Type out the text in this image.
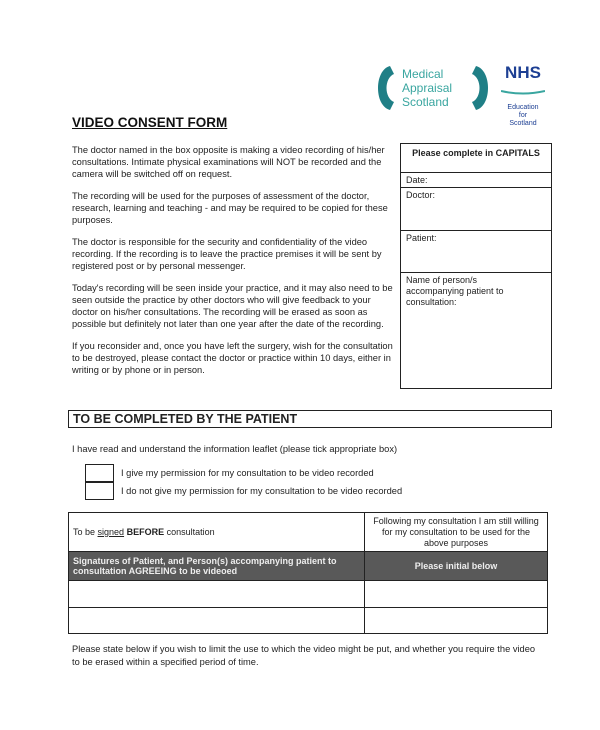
Medical
Appraisal
Scotland
NHS
Education
for
Scotland
VIDEO CONSENT FORM

The doctor named in the box opposite is making a video recording of his/her consultations. Intimate physical examinations will NOT be recorded and the camera will be switched off on request.

The recording will be used for the purposes of assessment of the doctor, research, learning and teaching - and may be required to be copied for these purposes.

The doctor is responsible for the security and confidentiality of the video recording. If the recording is to leave the practice premises it will be sent by registered post or by personal messenger.

Today's recording will be seen inside your practice, and it may also need to be seen outside the practice by other doctors who will give feedback to your doctor on his/her consultations. The recording will be erased as soon as possible but definitely not later than one year after the date of the recording.

If you reconsider and, once you have left the surgery, wish for the consultation to be destroyed, please contact the doctor or practice within 10 days, either in writing or by phone or in person.

Please complete in CAPITALS
Date:
Doctor:
Patient:
Name of person/s accompanying patient to consultation:
TO BE COMPLETED BY THE PATIENT
I have read and understand the information leaflet (please tick appropriate box)
I give my permission for my consultation to be video recorded
I do not give my permission for my consultation to be video recorded
To be signed BEFORE consultation	Following my consultation I am still willing for my consultation to be used for the above purposes
Signatures of Patient, and Person(s) accompanying patient to consultation AGREEING to be videoed	Please initial below

Please state below if you wish to limit the use to which the video might be put, and whether you require the video to be erased within a specified period of time.
